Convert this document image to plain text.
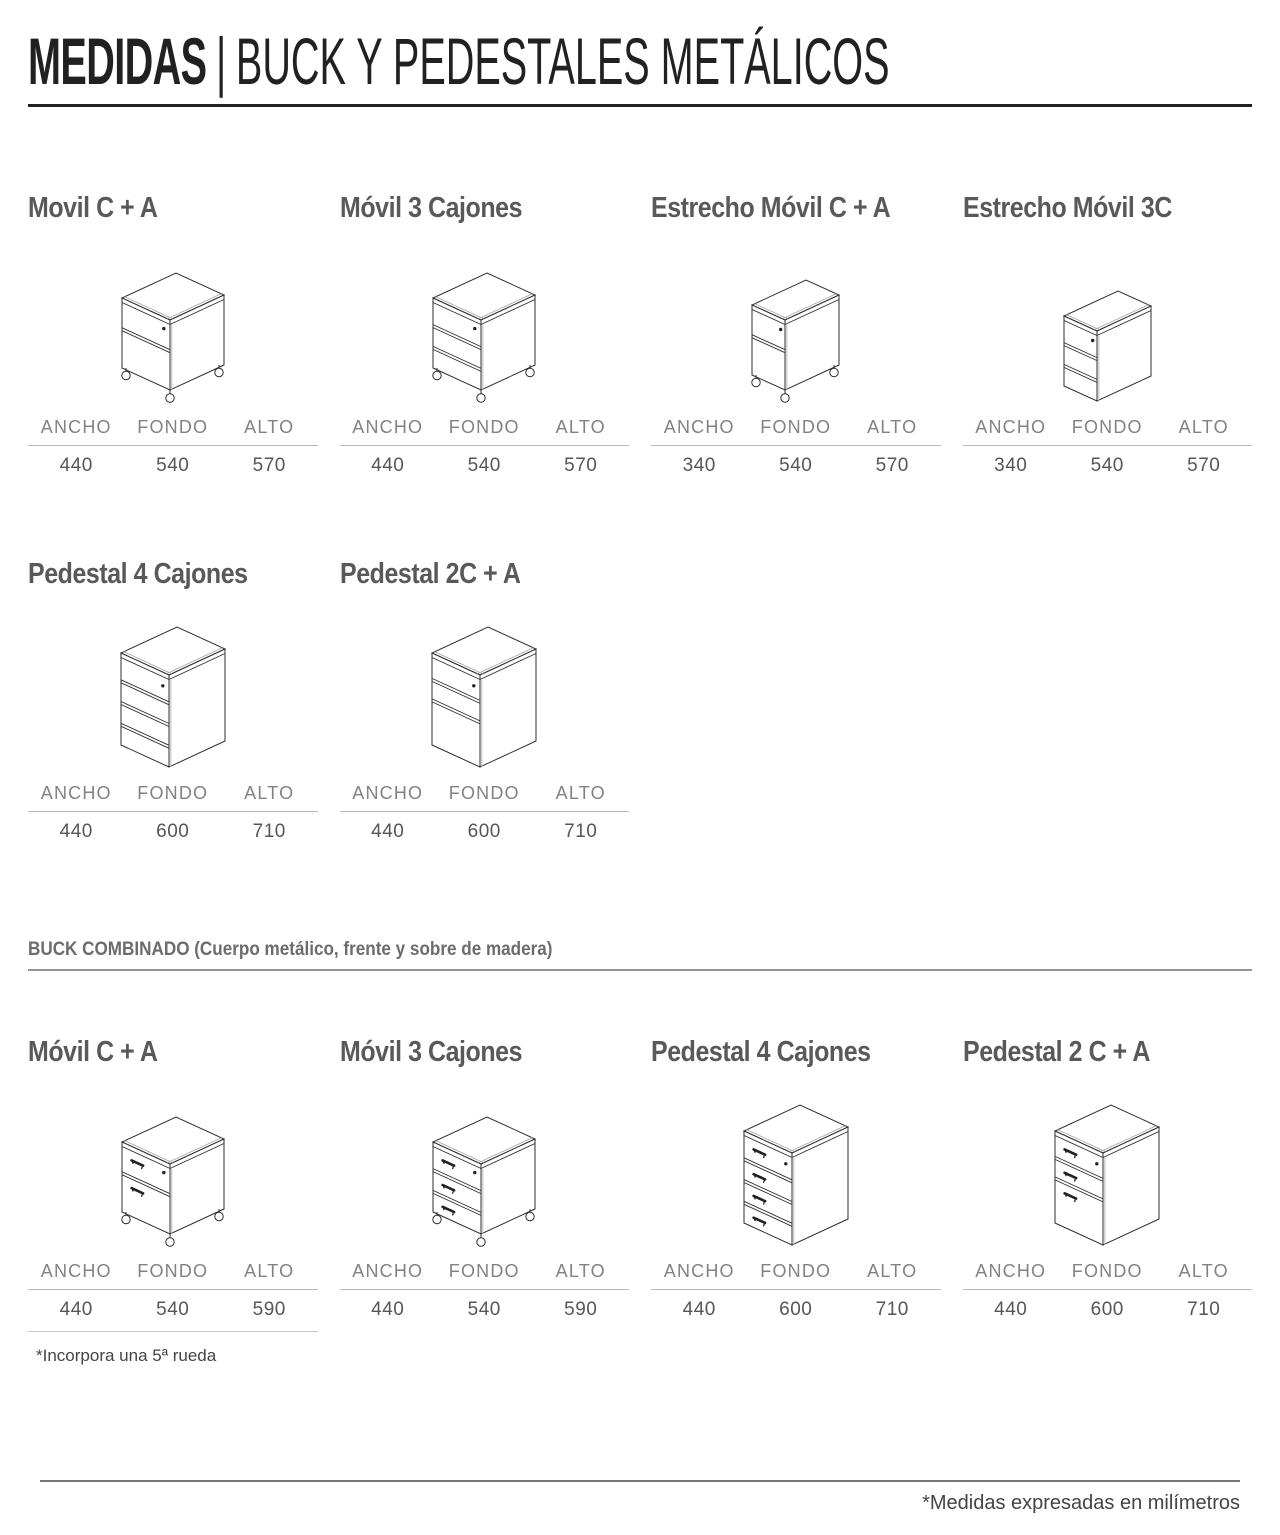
MEDIDAS | BUCK Y PEDESTALES METÁLICOS
Movil C + A
ANCHO	FONDO	ALTO
440	540	570
Móvil 3 Cajones
ANCHO	FONDO	ALTO
440	540	570
Estrecho Móvil C + A
ANCHO	FONDO	ALTO
340	540	570
Estrecho Móvil 3C
ANCHO	FONDO	ALTO
340	540	570
Pedestal 4 Cajones
ANCHO	FONDO	ALTO
440	600	710
Pedestal 2C + A
ANCHO	FONDO	ALTO
440	600	710
BUCK COMBINADO (Cuerpo metálico, frente y sobre de madera)
Móvil C + A
ANCHO	FONDO	ALTO
440	540	590

*Incorpora una 5ª rueda

Móvil 3 Cajones
ANCHO	FONDO	ALTO
440	540	590
Pedestal 4 Cajones
ANCHO	FONDO	ALTO
440	600	710
Pedestal 2 C + A
ANCHO	FONDO	ALTO
440	600	710

*Medidas expresadas en milímetros
